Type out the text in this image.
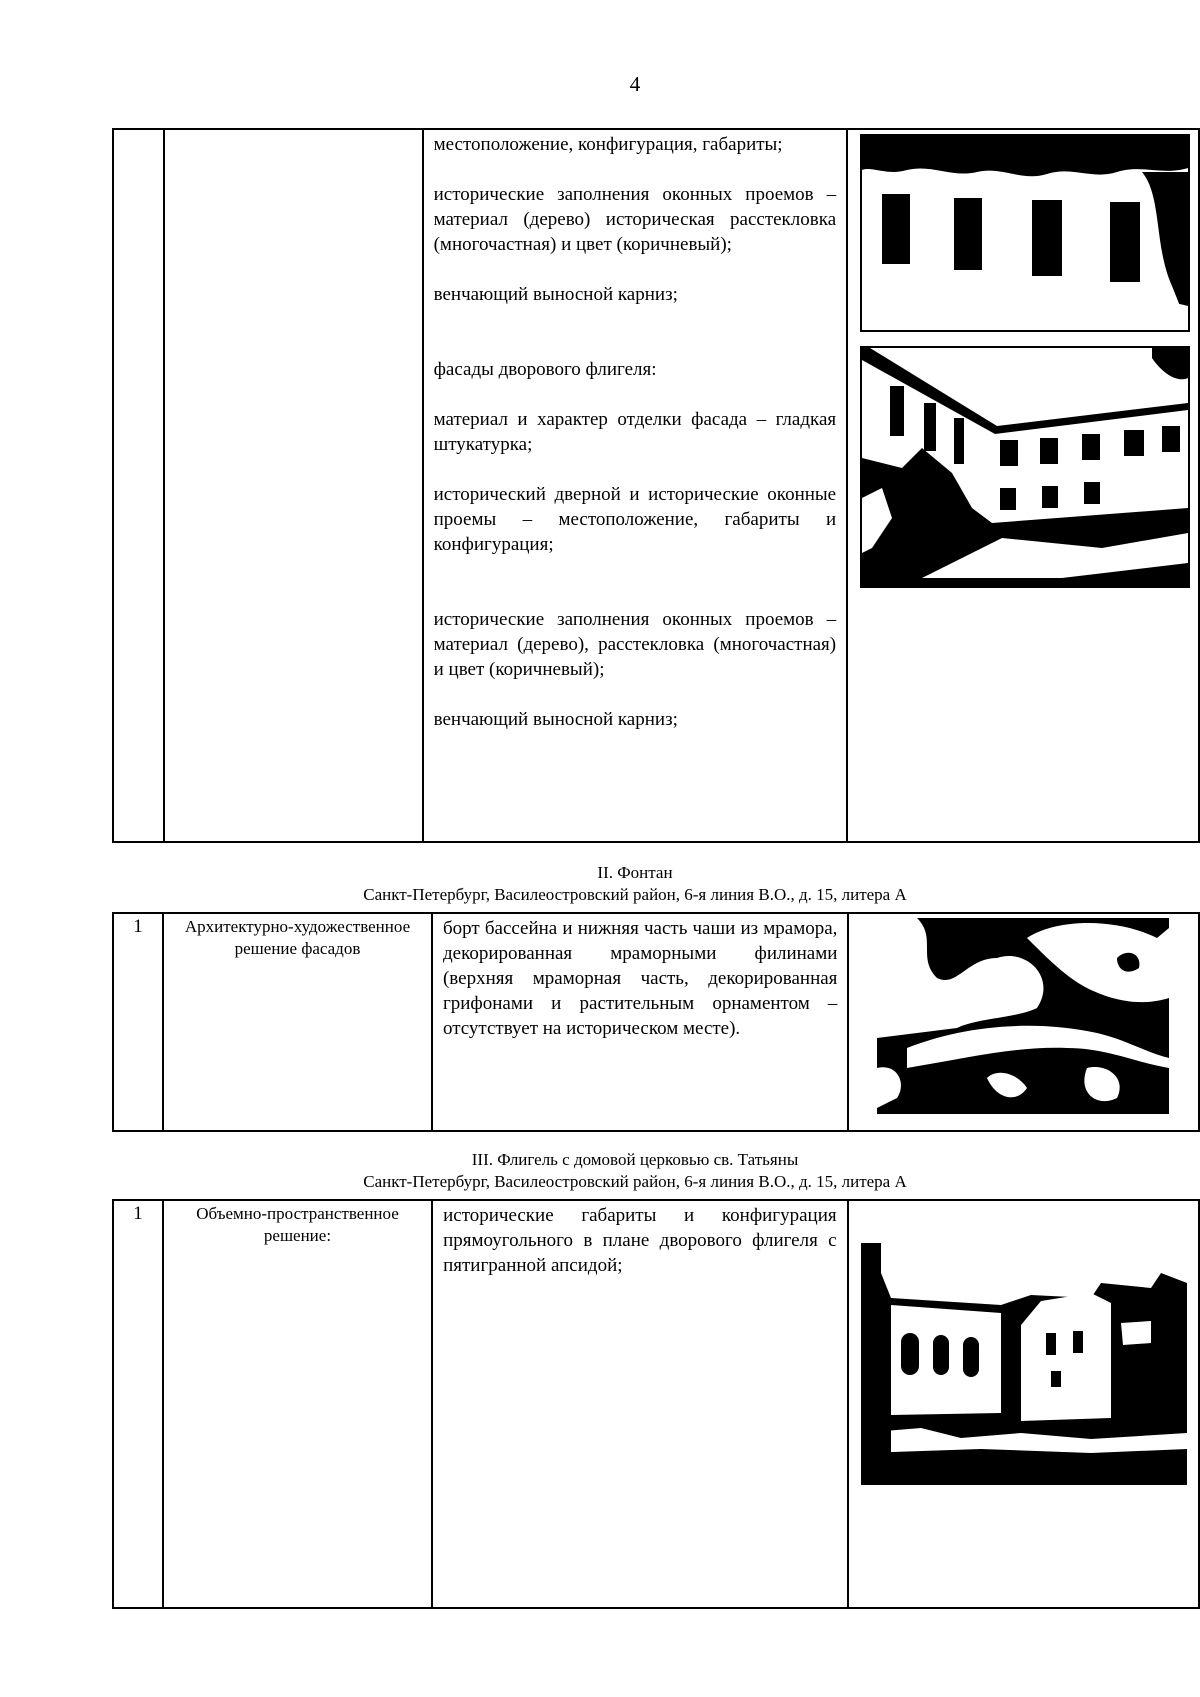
4

местоположение, конфигурация, габариты;

исторические заполнения оконных проемов – материал (дерево) историческая расстекловка (многочастная) и цвет (коричневый);

венчающий выносной карниз;

фасады дворового флигеля:

материал и характер отделки фасада – гладкая штукатурка;

исторический дверной и исторические оконные проемы – местоположение, габариты и конфигурация;

исторические заполнения оконных проемов – материал (дерево), расстекловка (многочастная) и цвет (коричневый);

венчающий выносной карниз;

II. Фонтан
Санкт-Петербург, Василеостровский район, 6-я линия В.О., д. 15, литера А
1	Архитектурно-художественное решение фасадов	

борт бассейна и нижняя часть чаши из мрамора, декорированная мраморными филинами (верхняя мраморная часть, декорированная грифонами и растительным орнаментом – отсутствует на историческом месте).

III. Флигель с домовой церковью св. Татьяны
Санкт-Петербург, Василеостровский район, 6-я линия В.О., д. 15, литера А
1	Объемно-пространственное решение:	

исторические габариты и конфигурация прямоугольного в плане дворового флигеля с пятигранной апсидой;
